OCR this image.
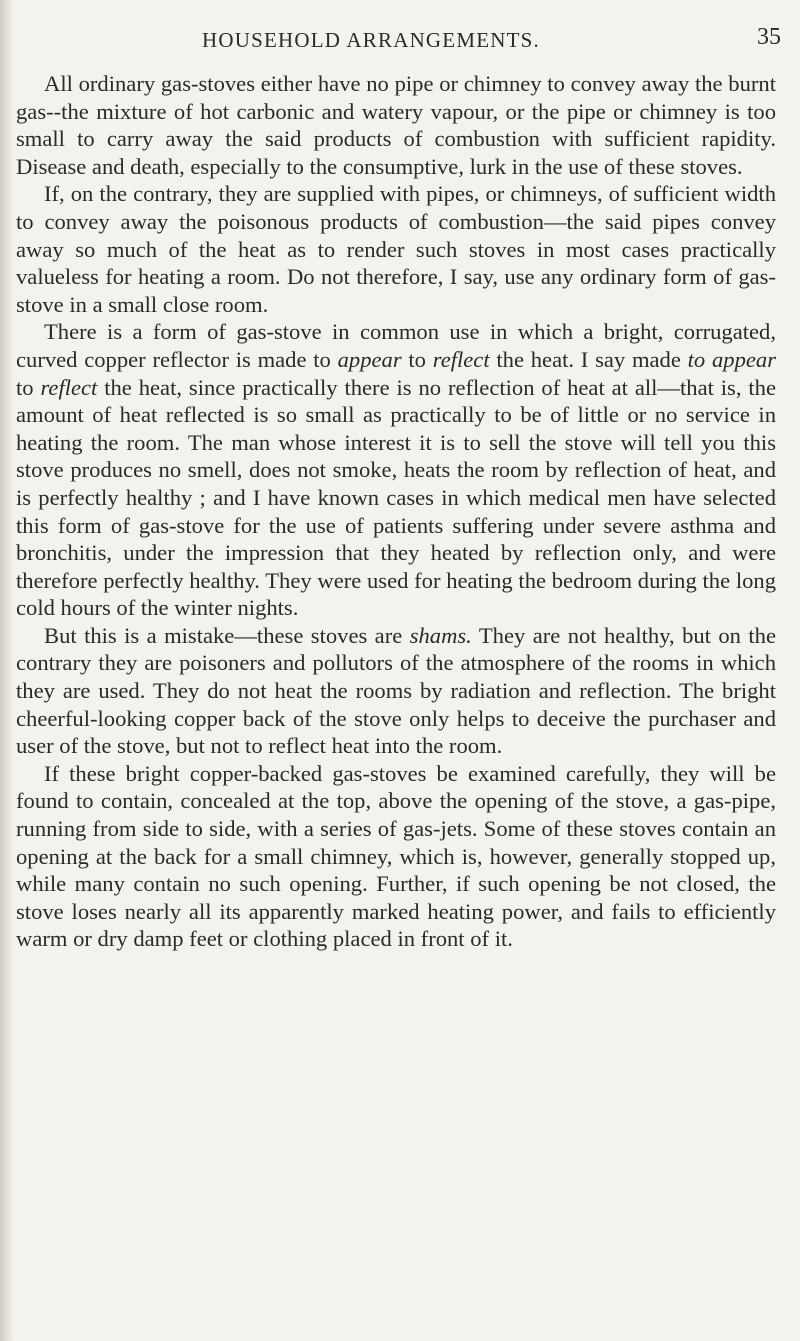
HOUSEHOLD ARRANGEMENTS.	35

All ordinary gas-stoves either have no pipe or chimney to convey away the burnt gas--the mixture of hot carbonic and watery vapour, or the pipe or chimney is too small to carry away the said products of combustion with sufficient rapidity. Disease and death, especially to the consumptive, lurk in the use of these stoves.

If, on the contrary, they are supplied with pipes, or chimneys, of sufficient width to convey away the poisonous products of combustion—the said pipes convey away so much of the heat as to render such stoves in most cases practically valueless for heating a room. Do not therefore, I say, use any ordinary form of gas-stove in a small close room.

There is a form of gas-stove in common use in which a bright, corrugated, curved copper reflector is made to appear to reflect the heat. I say made to appear to reflect the heat, since practically there is no reflection of heat at all—that is, the amount of heat reflected is so small as practically to be of little or no service in heating the room. The man whose interest it is to sell the stove will tell you this stove produces no smell, does not smoke, heats the room by reflection of heat, and is perfectly healthy ; and I have known cases in which medical men have selected this form of gas-stove for the use of patients suffering under severe asthma and bronchitis, under the impression that they heated by reflection only, and were therefore perfectly healthy. They were used for heating the bedroom during the long cold hours of the winter nights.

But this is a mistake—these stoves are shams. They are not healthy, but on the contrary they are poisoners and pollutors of the atmosphere of the rooms in which they are used. They do not heat the rooms by radiation and reflection. The bright cheerful-looking copper back of the stove only helps to deceive the purchaser and user of the stove, but not to reflect heat into the room.

If these bright copper-backed gas-stoves be examined carefully, they will be found to contain, concealed at the top, above the opening of the stove, a gas-pipe, running from side to side, with a series of gas-jets. Some of these stoves contain an opening at the back for a small chimney, which is, however, generally stopped up, while many contain no such opening. Further, if such opening be not closed, the stove loses nearly all its apparently marked heating power, and fails to efficiently warm or dry damp feet or clothing placed in front of it.
